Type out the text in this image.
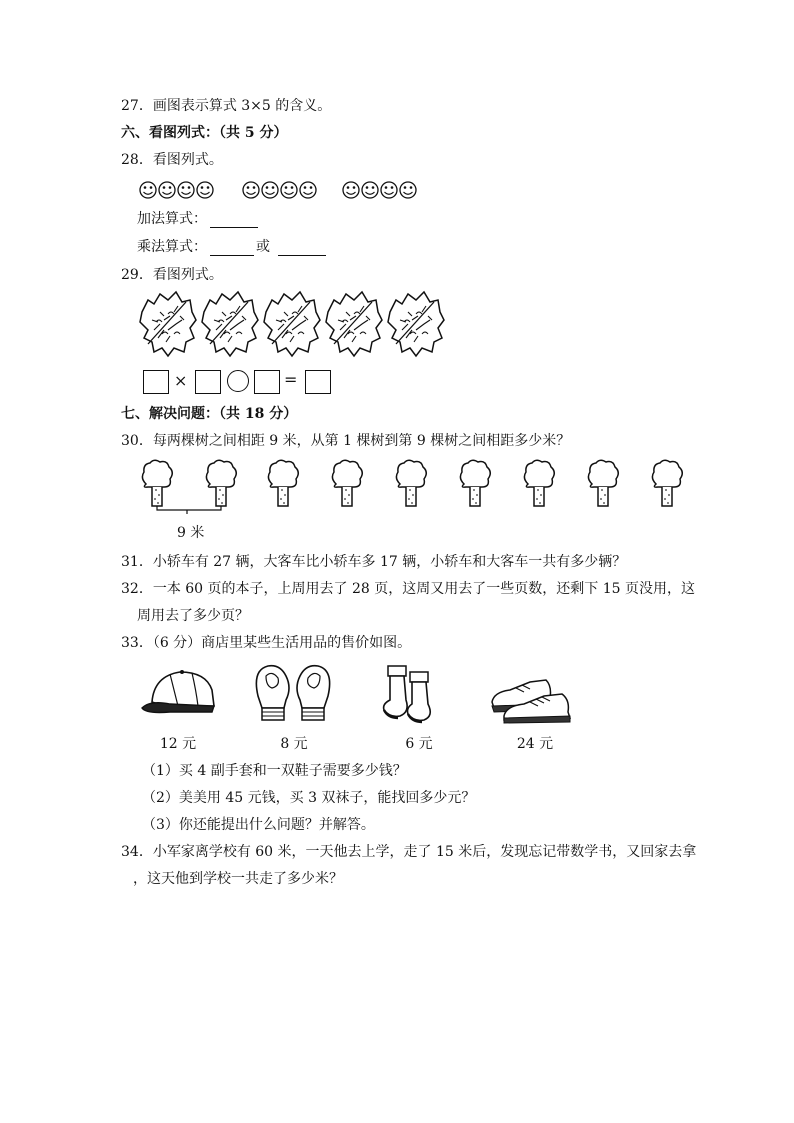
27．画图表示算式 3×5 的含义。
六、看图列式：（共 5 分）
28．看图列式。
加法算式：
乘法算式：	或
29．看图列式。
×	=
七、解决问题：（共 18 分）
30．每两棵树之间相距 9 米，从第 1 棵树到第 9 棵树之间相距多少米？
9 米
31．小轿车有 27 辆，大客车比小轿车多 17 辆，小轿车和大客车一共有多少辆？
32．一本 60 页的本子，上周用去了 28 页，这周又用去了一些页数，还剩下 15 页没用，这
周用去了多少页？
33．（6 分）商店里某些生活用品的售价如图。
12 元	8 元	6 元	24 元
（1）买 4 副手套和一双鞋子需要多少钱？
（2）美美用 45 元钱，买 3 双袜子，能找回多少元？
（3）你还能提出什么问题？并解答。
34．小军家离学校有 60 米，一天他去上学，走了 15 米后，发现忘记带数学书，又回家去拿
，这天他到学校一共走了多少米？
